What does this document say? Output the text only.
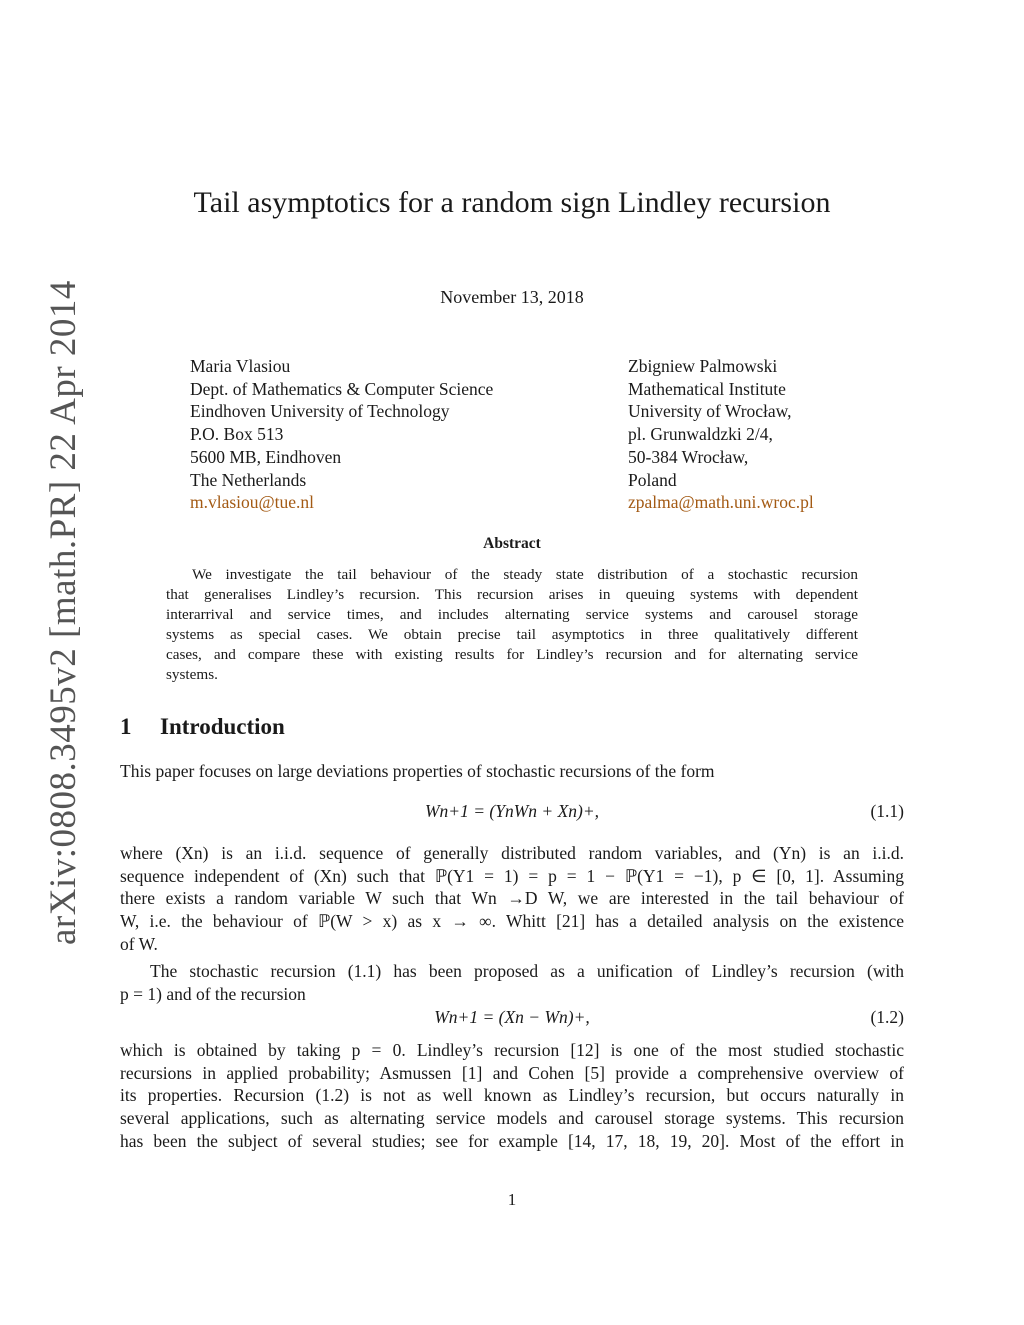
arXiv:0808.3495v2 [math.PR] 22 Apr 2014
Tail asymptotics for a random sign Lindley recursion
November 13, 2018
Maria Vlasiou
Dept. of Mathematics & Computer Science
Eindhoven University of Technology
P.O. Box 513
5600 MB, Eindhoven
The Netherlands
m.vlasiou@tue.nl
Zbigniew Palmowski
Mathematical Institute
University of Wrocław,
pl. Grunwaldzki 2/4,
50-384 Wrocław,
Poland
zpalma@math.uni.wroc.pl
Abstract
We investigate the tail behaviour of the steady state distribution of a stochastic recursion
that generalises Lindley’s recursion. This recursion arises in queuing systems with dependent
interarrival and service times, and includes alternating service systems and carousel storage
systems as special cases. We obtain precise tail asymptotics in three qualitatively different
cases, and compare these with existing results for Lindley’s recursion and for alternating service
systems.
1 Introduction
This paper focuses on large deviations properties of stochastic recursions of the form
Wn+1 = (YnWn + Xn)+,	(1.1)
where (Xn) is an i.i.d. sequence of generally distributed random variables, and (Yn) is an i.i.d.
sequence independent of (Xn) such that ℙ(Y1 = 1) = p = 1 − ℙ(Y1 = −1), p ∈ [0, 1]. Assuming
there exists a random variable W such that Wn →D W, we are interested in the tail behaviour of
W, i.e. the behaviour of ℙ(W > x) as x → ∞. Whitt [21] has a detailed analysis on the existence
of W.
The stochastic recursion (1.1) has been proposed as a unification of Lindley’s recursion (with
p = 1) and of the recursion
Wn+1 = (Xn − Wn)+,	(1.2)
which is obtained by taking p = 0. Lindley’s recursion [12] is one of the most studied stochastic
recursions in applied probability; Asmussen [1] and Cohen [5] provide a comprehensive overview of
its properties. Recursion (1.2) is not as well known as Lindley’s recursion, but occurs naturally in
several applications, such as alternating service models and carousel storage systems. This recursion
has been the subject of several studies; see for example [14, 17, 18, 19, 20]. Most of the effort in
1
